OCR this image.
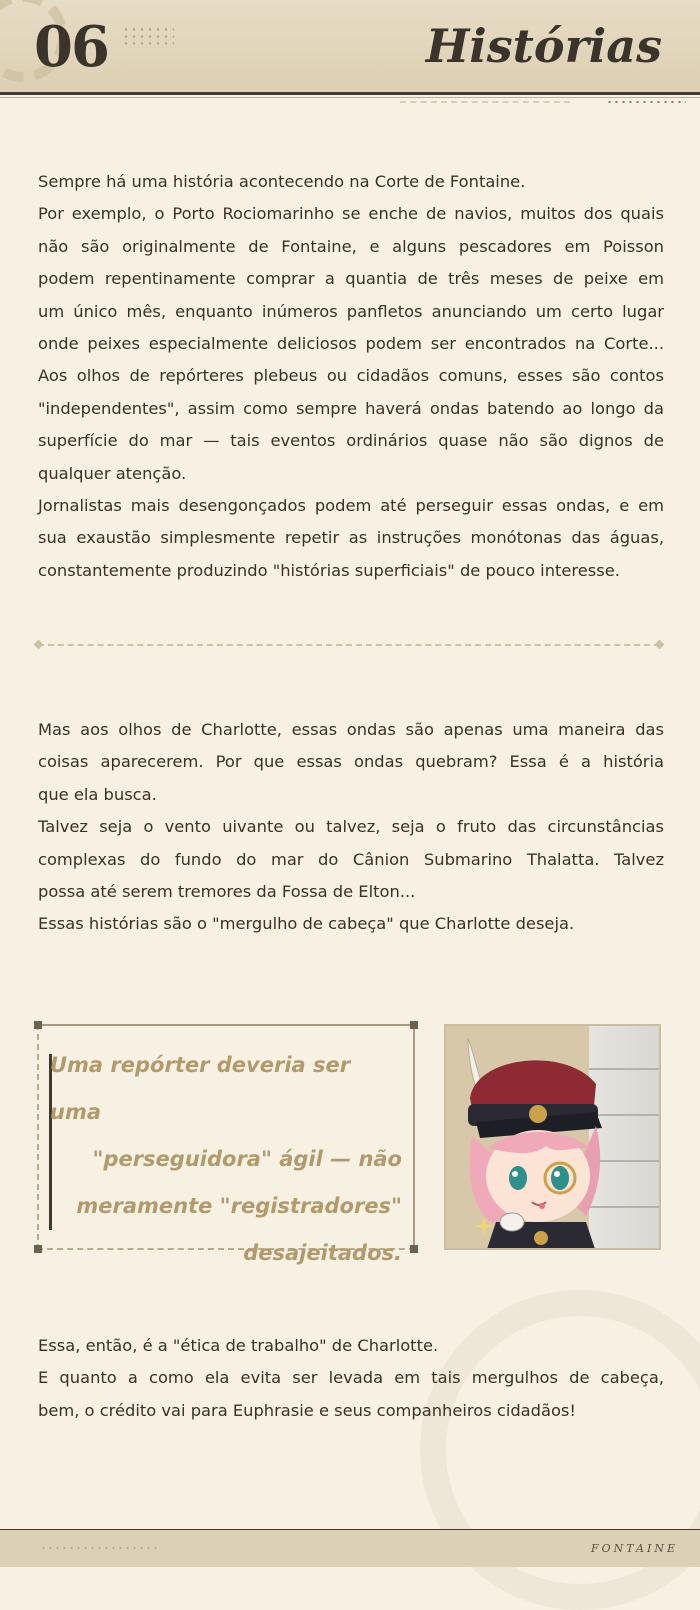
06	Histórias

Sempre há uma história acontecendo na Corte de Fontaine.

Por exemplo, o Porto Rociomarinho se enche de navios, muitos dos quais

não são originalmente de Fontaine, e alguns pescadores em Poisson

podem repentinamente comprar a quantia de três meses de peixe em

um único mês, enquanto inúmeros panfletos anunciando um certo lugar

onde peixes especialmente deliciosos podem ser encontrados na Corte...

Aos olhos de repórteres plebeus ou cidadãos comuns, esses são contos

"independentes", assim como sempre haverá ondas batendo ao longo da

superfície do mar — tais eventos ordinários quase não são dignos de

qualquer atenção.

Jornalistas mais desengonçados podem até perseguir essas ondas, e em

sua exaustão simplesmente repetir as instruções monótonas das águas,

constantemente produzindo "histórias superficiais" de pouco interesse.

Mas aos olhos de Charlotte, essas ondas são apenas uma maneira das

coisas aparecerem. Por que essas ondas quebram? Essa é a história

que ela busca.

Talvez seja o vento uivante ou talvez, seja o fruto das circunstâncias

complexas do fundo do mar do Cânion Submarino Thalatta. Talvez

possa até serem tremores da Fossa de Elton...

Essas histórias são o "mergulho de cabeça" que Charlotte deseja.

Uma repórter deveria ser uma
"perseguidora" ágil — não
meramente "registradores"
desajeitados.

Essa, então, é a "ética de trabalho" de Charlotte.

E quanto a como ela evita ser levada em tais mergulhos de cabeça,

bem, o crédito vai para Euphrasie e seus companheiros cidadãos!

FONTAINE
